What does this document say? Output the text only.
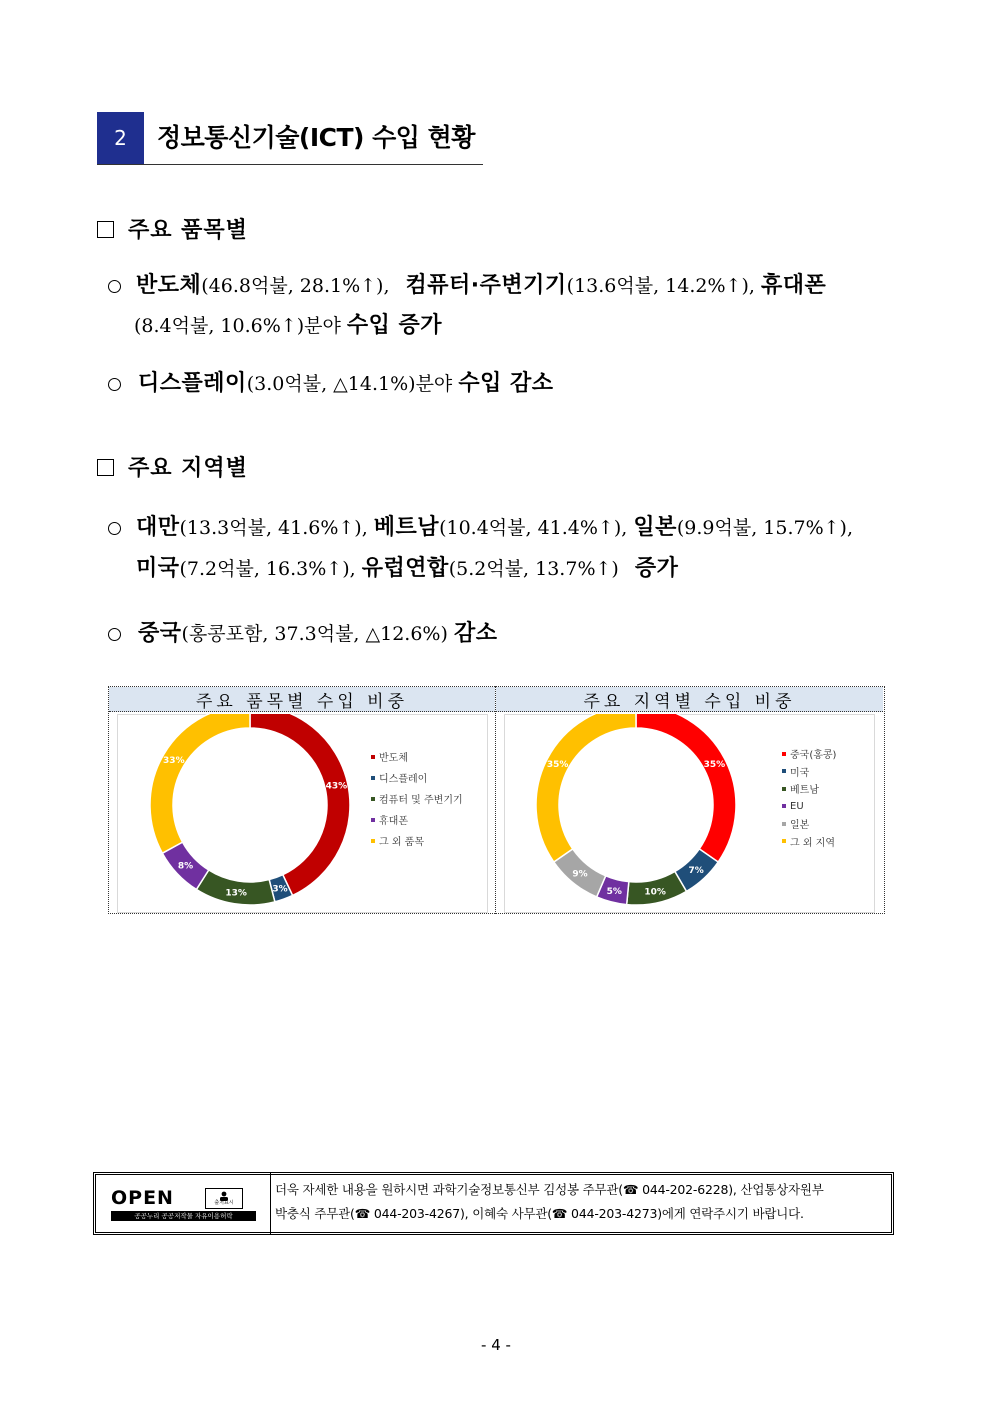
2	정보통신기술(ICT) 수입 현황
주요 품목별
반도체(46.8억불, 28.1%↑), 컴퓨터·주변기기(13.6억불, 14.2%↑), 휴대폰
(8.4억불, 10.6%↑)분야 수입 증가
디스플레이(3.0억불, △14.1%)분야 수입 감소
주요 지역별
대만(13.3억불, 41.6%↑), 베트남(10.4억불, 41.4%↑), 일본(9.9억불, 15.7%↑),
미국(7.2억불, 16.3%↑), 유럽연합(5.2억불, 13.7%↑) 증가
중국(홍콩포함, 37.3억불, △12.6%) 감소
주요 품목별 수입 비중	주요 지역별 수입 비중
43%
3%
13%
8%
33%	35%
7%
10%
5%
9%
35%
반도체
디스플레이
컴퓨터 및 주변기기
휴대폰
그 외 품목
중국(홍콩)
미국
베트남
EU
일본
그 외 지역
OPEN	출처표시
공공누리 공공저작물 자유이용허락
더욱 자세한 내용을 원하시면 과학기술정보통신부 김성봉 주무관(☎ 044-202-6228), 산업통상자원부
박충식 주무관(☎ 044-203-4267), 이혜숙 사무관(☎ 044-203-4273)에게 연락주시기 바랍니다.
- 4 -
